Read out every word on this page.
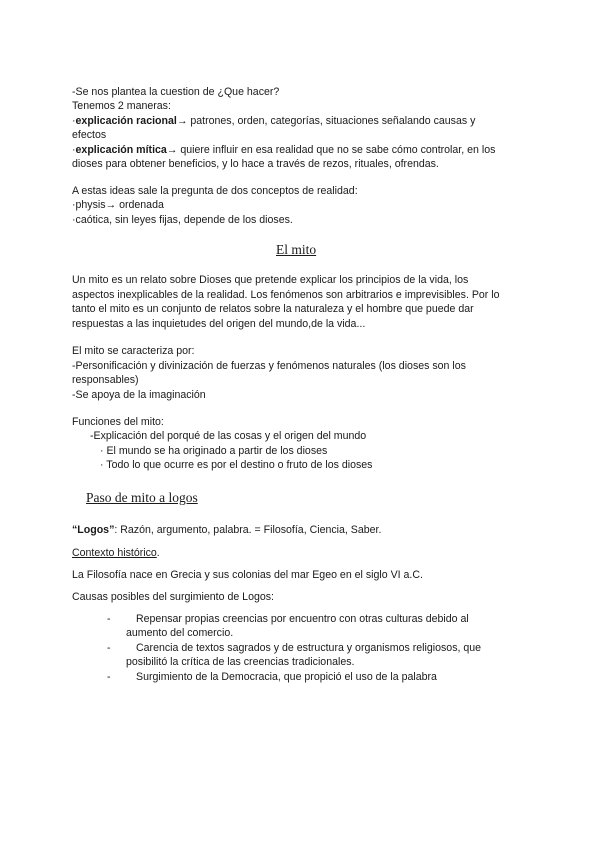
-Se nos plantea la cuestion de ¿Que hacer?
Tenemos 2 maneras:
·explicación racional→ patrones, orden, categorías, situaciones señalando causas y
efectos
·explicación mítica→ quiere influir en esa realidad que no se sabe cómo controlar, en los
dioses para obtener beneficios, y lo hace a través de rezos, rituales, ofrendas.
A estas ideas sale la pregunta de dos conceptos de realidad:
·physis→ ordenada
·caótica, sin leyes fijas, depende de los dioses.
El mito
Un mito es un relato sobre Dioses que pretende explicar los principios de la vida, los
aspectos inexplicables de la realidad. Los fenómenos son arbitrarios e imprevisibles. Por lo
tanto el mito es un conjunto de relatos sobre la naturaleza y el hombre que puede dar
respuestas a las inquietudes del origen del mundo,de la vida...
El mito se caracteriza por:
-Personificación y divinización de fuerzas y fenómenos naturales (los dioses son los
responsables)
-Se apoya de la imaginación
Funciones del mito:
-Explicación del porqué de las cosas y el origen del mundo
· El mundo se ha originado a partir de los dioses
· Todo lo que ocurre es por el destino o fruto de los dioses
Paso de mito a logos
“Logos”: Razón, argumento, palabra. = Filosofía, Ciencia, Saber.
Contexto histórico.
La Filosofía nace en Grecia y sus colonias del mar Egeo en el siglo VI a.C.
Causas posibles del surgimiento de Logos:
- Repensar propias creencias por encuentro con otras culturas debido al
aumento del comercio.
- Carencia de textos sagrados y de estructura y organismos religiosos, que
posibilitó la crítica de las creencias tradicionales.
- Surgimiento de la Democracia, que propició el uso de la palabra
